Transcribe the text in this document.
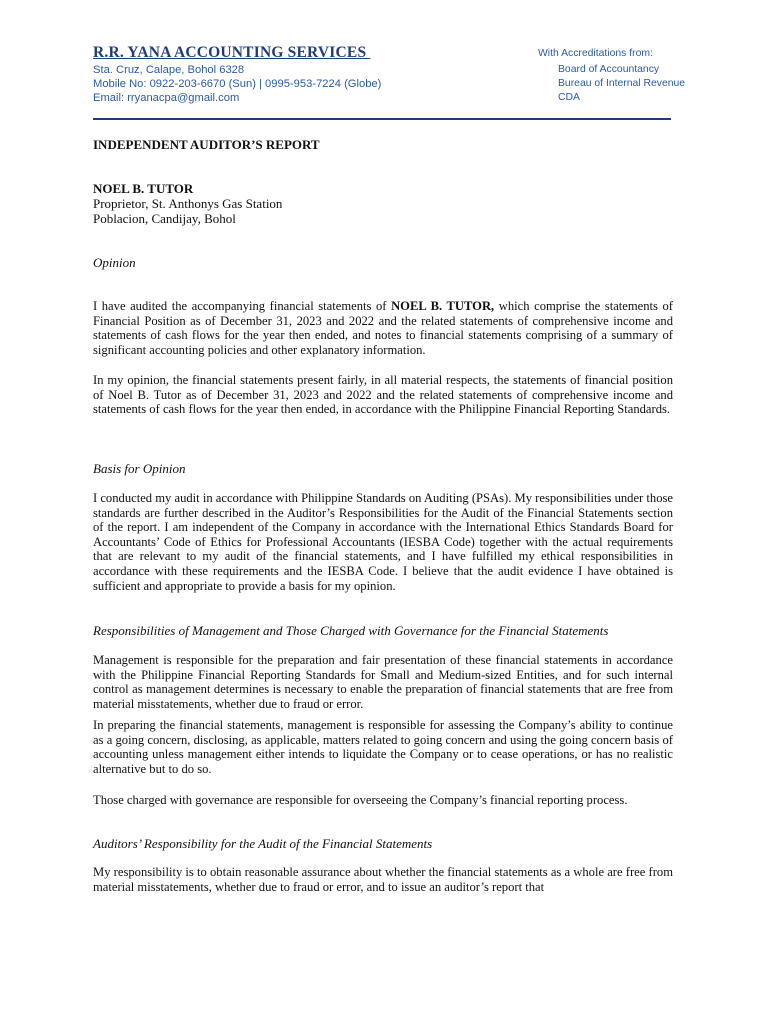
R.R. YANA ACCOUNTING SERVICES
Sta. Cruz, Calape, Bohol 6328
Mobile No: 0922-203-6670 (Sun) | 0995-953-7224 (Globe)
Email: rryanacpa@gmail.com
With Accreditations from:
Board of Accountancy
Bureau of Internal Revenue
CDA
INDEPENDENT AUDITOR’S REPORT
NOEL B. TUTOR
Proprietor, St. Anthonys Gas Station
Poblacion, Candijay, Bohol
Opinion

I have audited the accompanying financial statements of NOEL B. TUTOR, which comprise the statements of Financial Position as of December 31, 2023 and 2022 and the related statements of comprehensive income and statements of cash flows for the year then ended, and notes to financial statements comprising of a summary of significant accounting policies and other explanatory information.

In my opinion, the financial statements present fairly, in all material respects, the statements of financial position of Noel B. Tutor as of December 31, 2023 and 2022 and the related statements of comprehensive income and statements of cash flows for the year then ended, in accordance with the Philippine Financial Reporting Standards.

Basis for Opinion

I conducted my audit in accordance with Philippine Standards on Auditing (PSAs). My responsibilities under those standards are further described in the Auditor’s Responsibilities for the Audit of the Financial Statements section of the report. I am independent of the Company in accordance with the International Ethics Standards Board for Accountants’ Code of Ethics for Professional Accountants (IESBA Code) together with the actual requirements that are relevant to my audit of the financial statements, and I have fulfilled my ethical responsibilities in accordance with these requirements and the IESBA Code. I believe that the audit evidence I have obtained is sufficient and appropriate to provide a basis for my opinion.

Responsibilities of Management and Those Charged with Governance for the Financial Statements

Management is responsible for the preparation and fair presentation of these financial statements in accordance with the Philippine Financial Reporting Standards for Small and Medium-sized Entities, and for such internal control as management determines is necessary to enable the preparation of financial statements that are free from material misstatements, whether due to fraud or error.

In preparing the financial statements, management is responsible for assessing the Company’s ability to continue as a going concern, disclosing, as applicable, matters related to going concern and using the going concern basis of accounting unless management either intends to liquidate the Company or to cease operations, or has no realistic alternative but to do so.

Those charged with governance are responsible for overseeing the Company’s financial reporting process.

Auditors’ Responsibility for the Audit of the Financial Statements

My responsibility is to obtain reasonable assurance about whether the financial statements as a whole are free from material misstatements, whether due to fraud or error, and to issue an auditor’s report that
